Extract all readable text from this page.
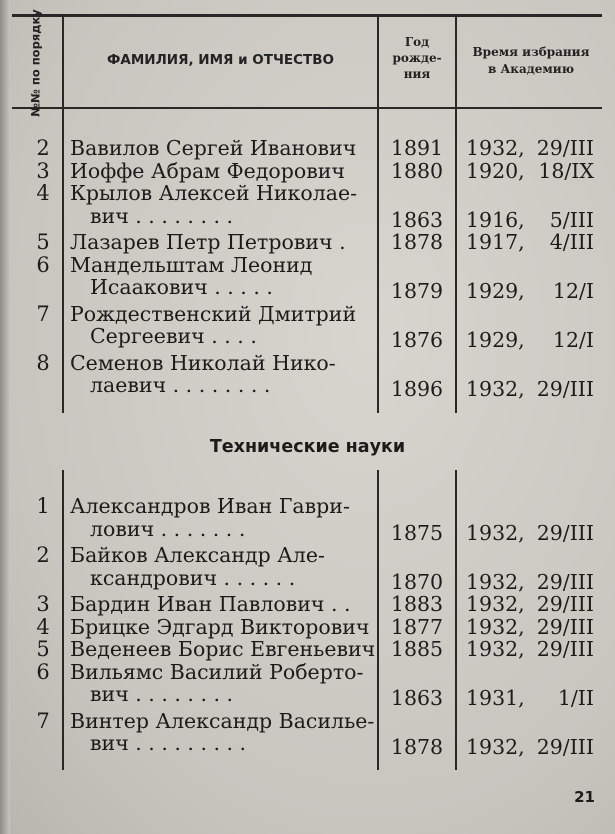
№№ по порядку	ФАМИЛИЯ, ИМЯ и ОТЧЕСТВО
Год
рожде-
ния
Время избрания
в Академию
2 Вавилов Сергей Иванович	1891	1932, 29/III
3 Иоффе Абрам Федорович	1880	1920, 18/IX
4 Крылов Алексей Николае-
вич . . . . . . . .	1863	1916, 5/III
5 Лазарев Петр Петрович .	1878	1917, 4/III
6 Мандельштам Леонид
Исаакович . . . . .	1879	1929, 12/I
7 Рождественский Дмитрий
Сергеевич . . . .	1876	1929, 12/I
8 Семенов Николай Нико-
лаевич . . . . . . . .	1896	1932, 29/III
Технические науки
1 Александров Иван Гаври-
лович . . . . . . .	1875	1932, 29/III
2 Байков Александр Але-
ксандрович . . . . . .	1870	1932, 29/III
3 Бардин Иван Павлович . .	1883	1932, 29/III
4 Брицке Эдгард Викторович	1877	1932, 29/III
5 Веденеев Борис Евгеньевич 1885	1932, 29/III
6 Вильямс Василий Роберто-
вич . . . . . . . .	1863	1931, 1/II
7 Винтер Александр Васильe-
вич . . . . . . . . .	1878	1932, 29/III
21
